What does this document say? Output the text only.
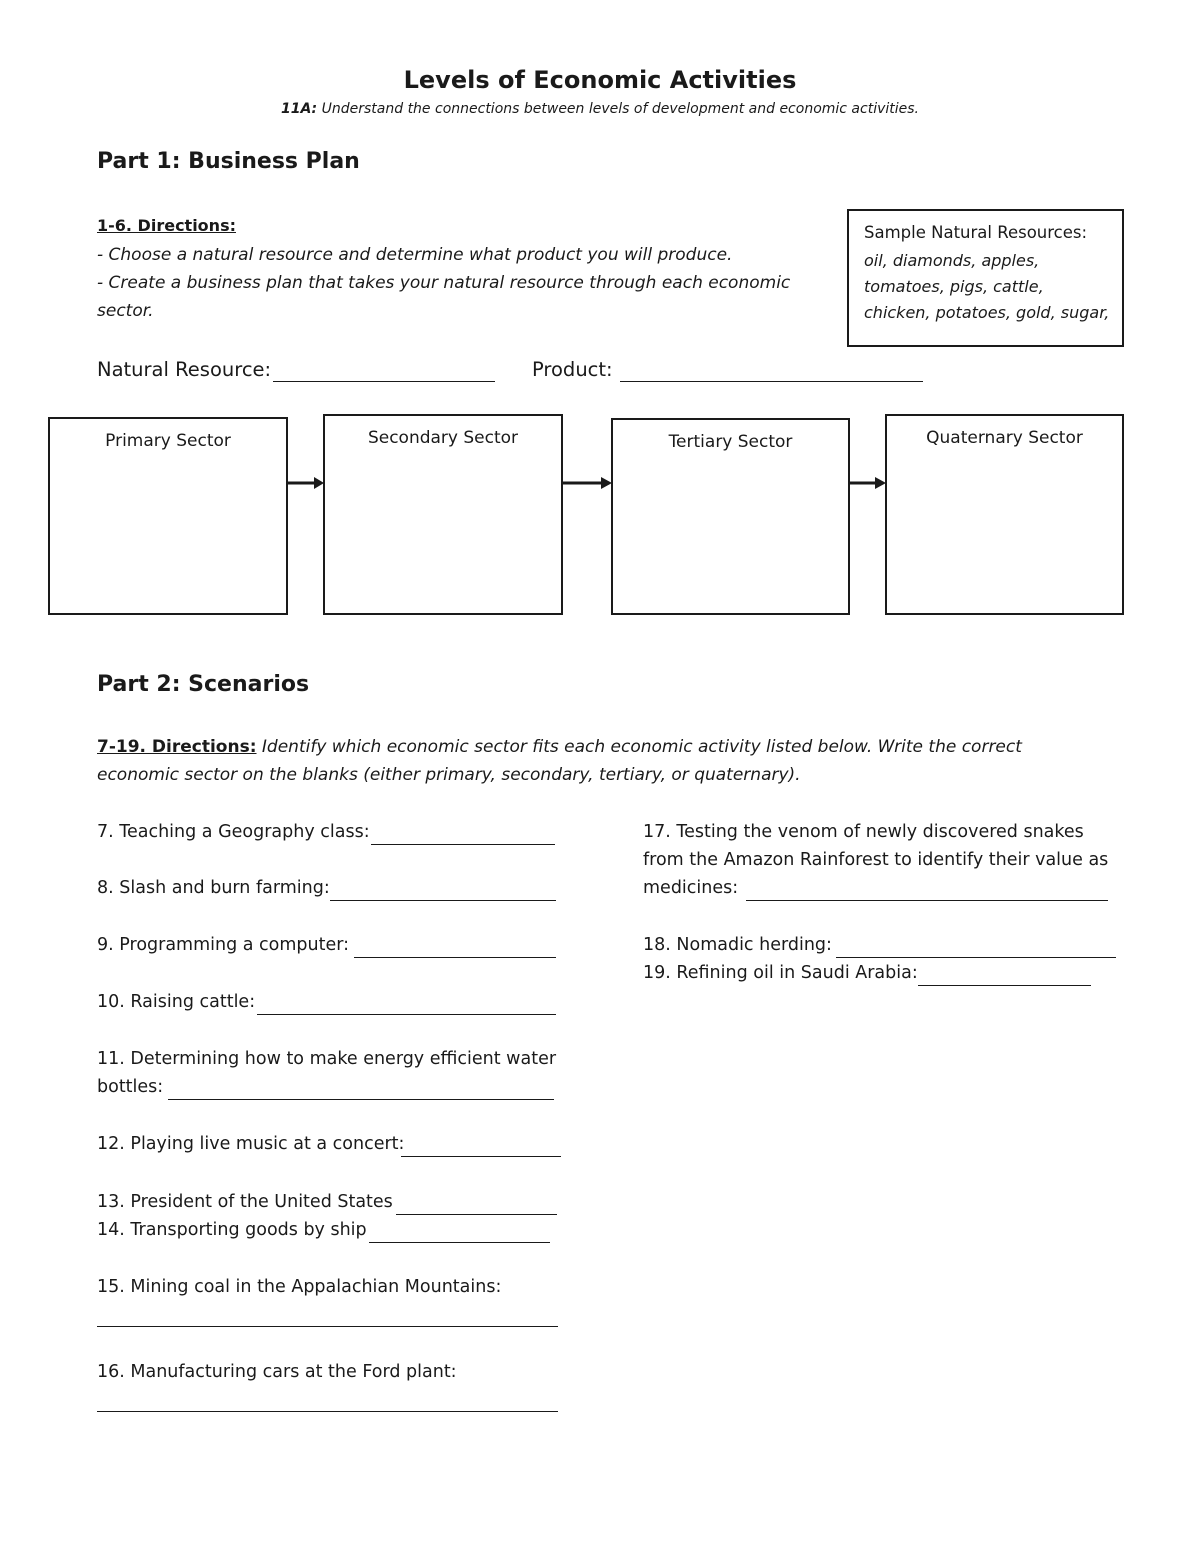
Levels of Economic Activities
11A: Understand the connections between levels of development and economic activities.
Part 1: Business Plan
1-6. Directions:
- Choose a natural resource and determine what product you will produce.
- Create a business plan that takes your natural resource through each economic
sector.
Sample Natural Resources:
oil, diamonds, apples, tomatoes, pigs, cattle, chicken, potatoes, gold, sugar,
Natural Resource:	Product:
Primary Sector	Secondary Sector	Tertiary Sector	Quaternary Sector
Part 2: Scenarios
7-19. Directions: Identify which economic sector fits each economic activity listed below. Write the correct
economic sector on the blanks (either primary, secondary, tertiary, or quaternary).
7. Teaching a Geography class:
8. Slash and burn farming:
9. Programming a computer:
10. Raising cattle:
11. Determining how to make energy efficient water
bottles:
12. Playing live music at a concert:
13. President of the United States
14. Transporting goods by ship
15. Mining coal in the Appalachian Mountains:
16. Manufacturing cars at the Ford plant:
17. Testing the venom of newly discovered snakes
from the Amazon Rainforest to identify their value as
medicines:
18. Nomadic herding:
19. Refining oil in Saudi Arabia:
